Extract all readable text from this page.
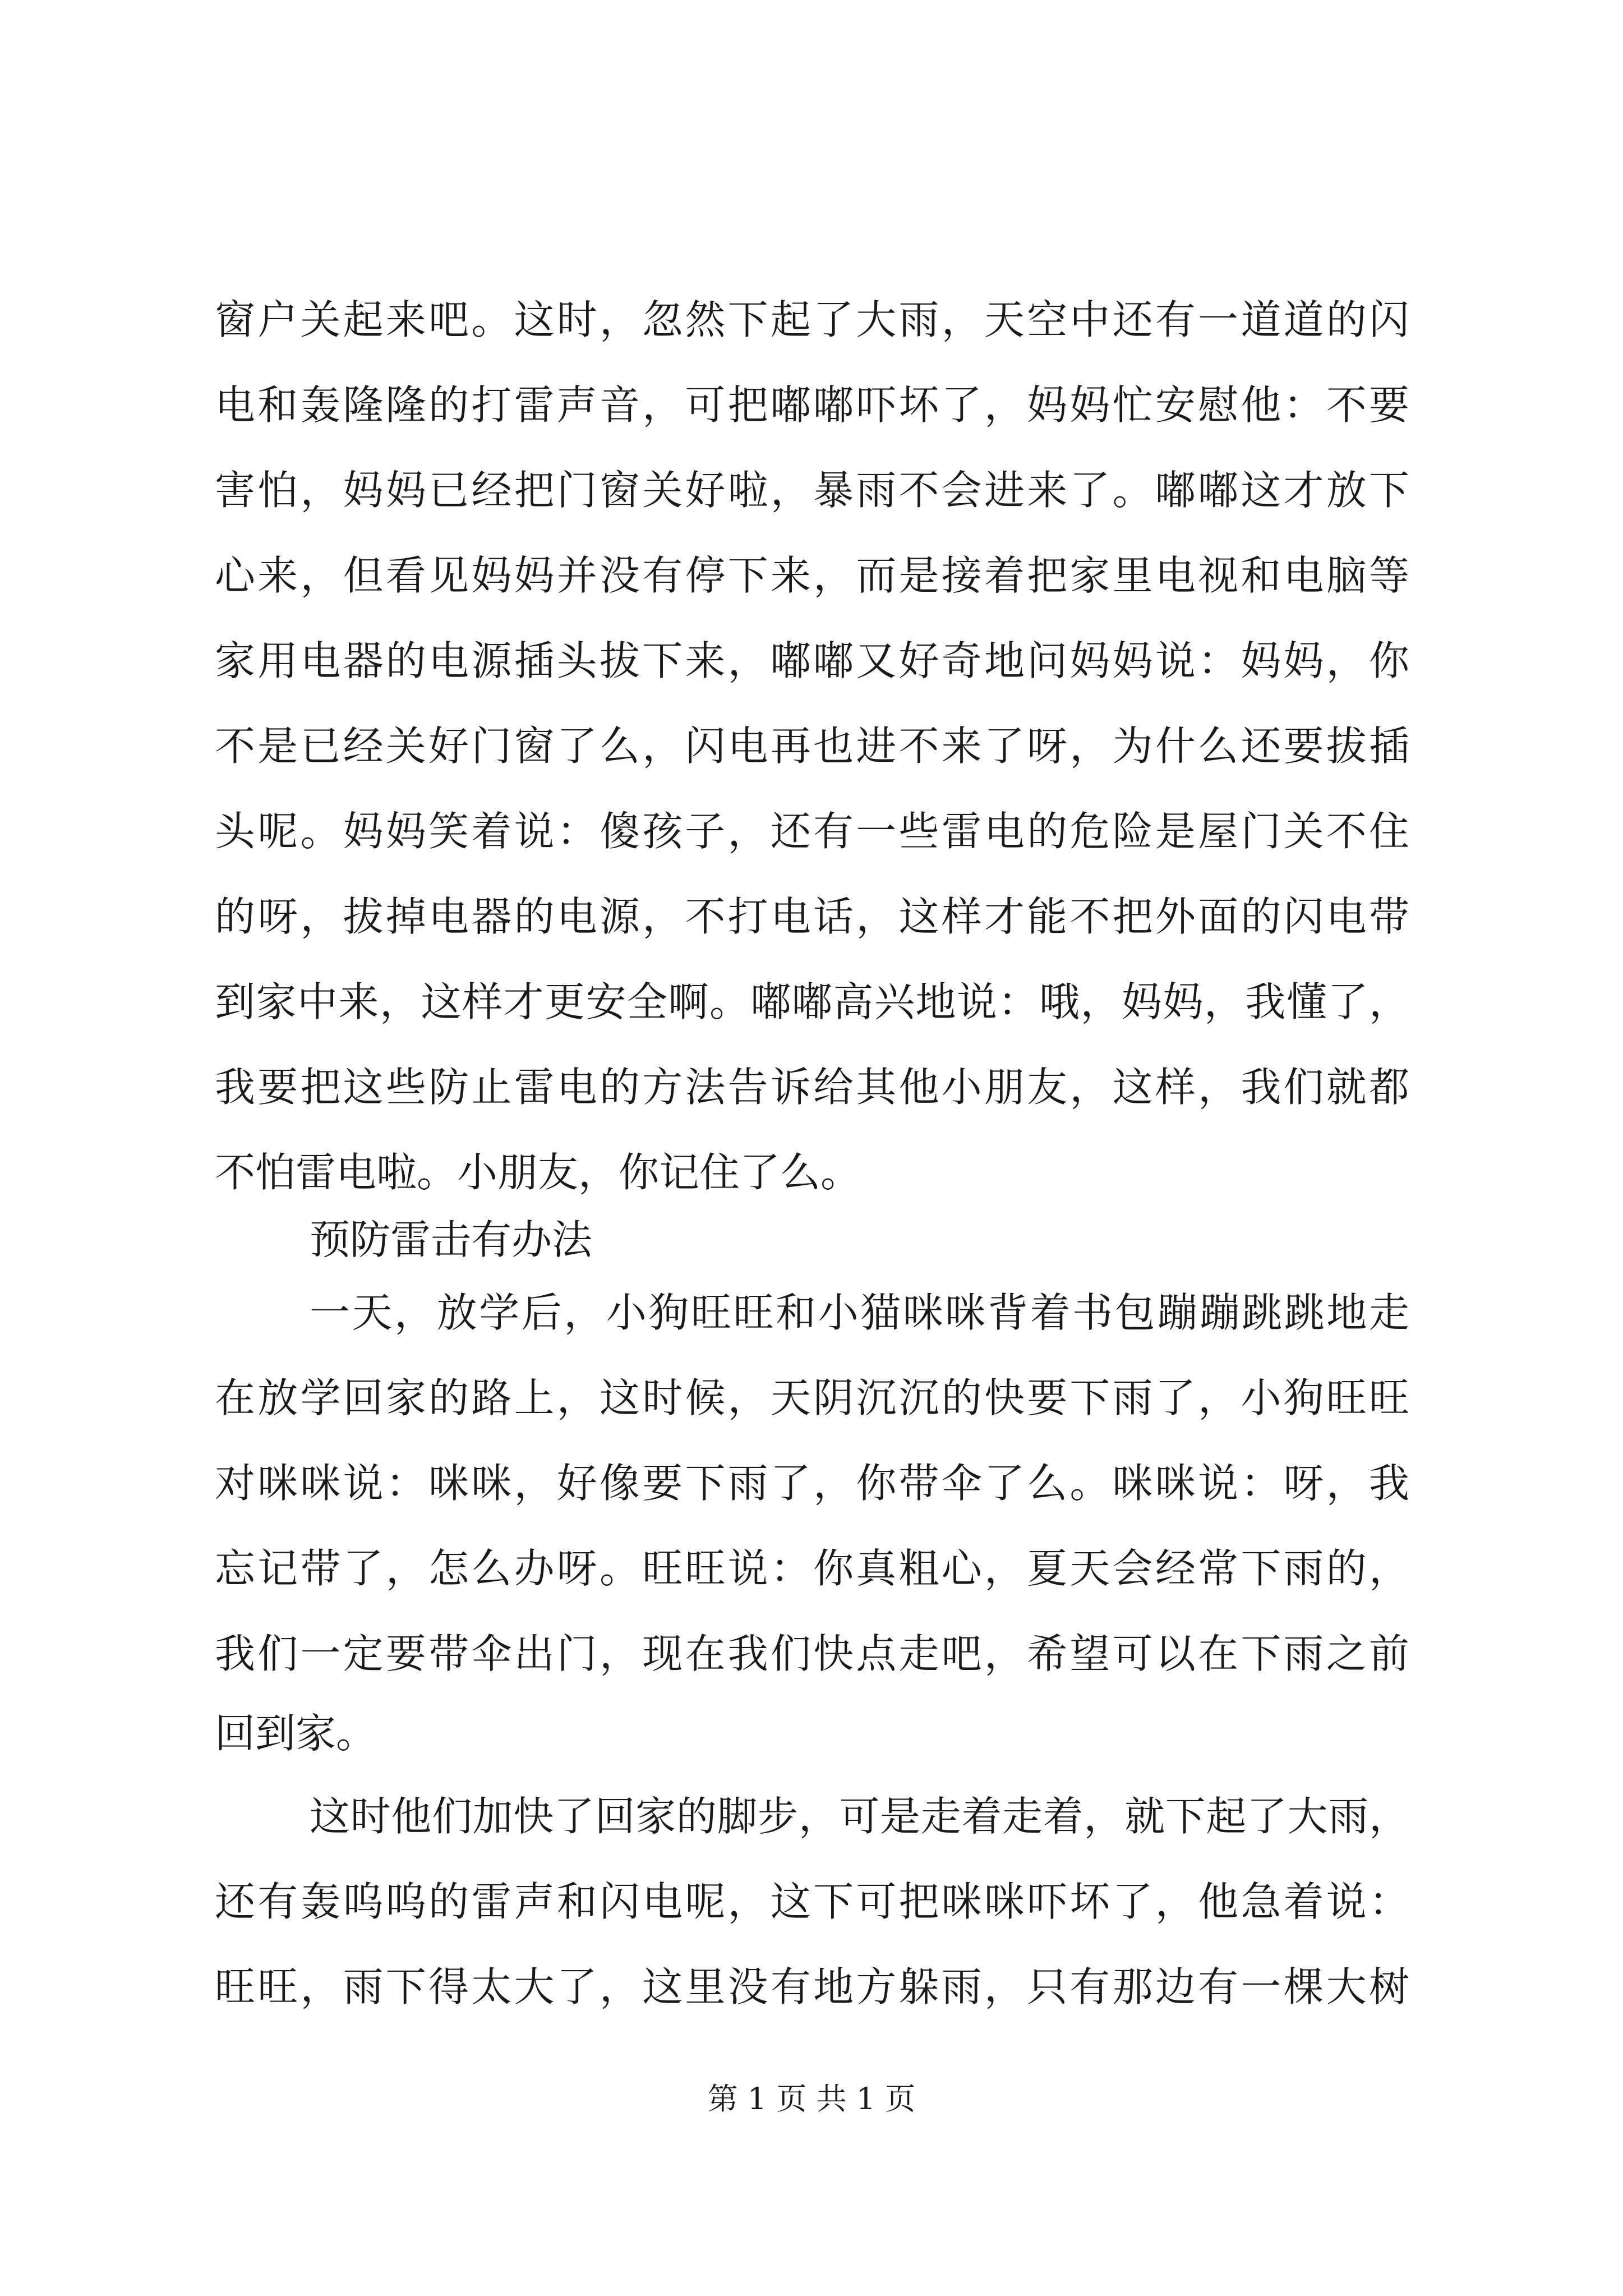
窗户关起来吧。这时，忽然下起了大雨，天空中还有一道道的闪
电和轰隆隆的打雷声音，可把嘟嘟吓坏了，妈妈忙安慰他：不要
害怕，妈妈已经把门窗关好啦，暴雨不会进来了。嘟嘟这才放下
心来，但看见妈妈并没有停下来，而是接着把家里电视和电脑等
家用电器的电源插头拔下来，嘟嘟又好奇地问妈妈说：妈妈，你
不是已经关好门窗了么，闪电再也进不来了呀，为什么还要拔插
头呢。妈妈笑着说：傻孩子，还有一些雷电的危险是屋门关不住
的呀，拔掉电器的电源，不打电话，这样才能不把外面的闪电带
到家中来，这样才更安全啊。嘟嘟高兴地说：哦，妈妈，我懂了，
我要把这些防止雷电的方法告诉给其他小朋友，这样，我们就都
不怕雷电啦。小朋友，你记住了么。
预防雷击有办法
一天，放学后，小狗旺旺和小猫咪咪背着书包蹦蹦跳跳地走
在放学回家的路上，这时候，天阴沉沉的快要下雨了，小狗旺旺
对咪咪说：咪咪，好像要下雨了，你带伞了么。咪咪说：呀，我
忘记带了，怎么办呀。旺旺说：你真粗心，夏天会经常下雨的，
我们一定要带伞出门，现在我们快点走吧，希望可以在下雨之前
回到家。
这时他们加快了回家的脚步，可是走着走着，就下起了大雨，
还有轰呜呜的雷声和闪电呢，这下可把咪咪吓坏了，他急着说：
旺旺，雨下得太大了，这里没有地方躲雨，只有那边有一棵大树
第 1 页 共 1 页
